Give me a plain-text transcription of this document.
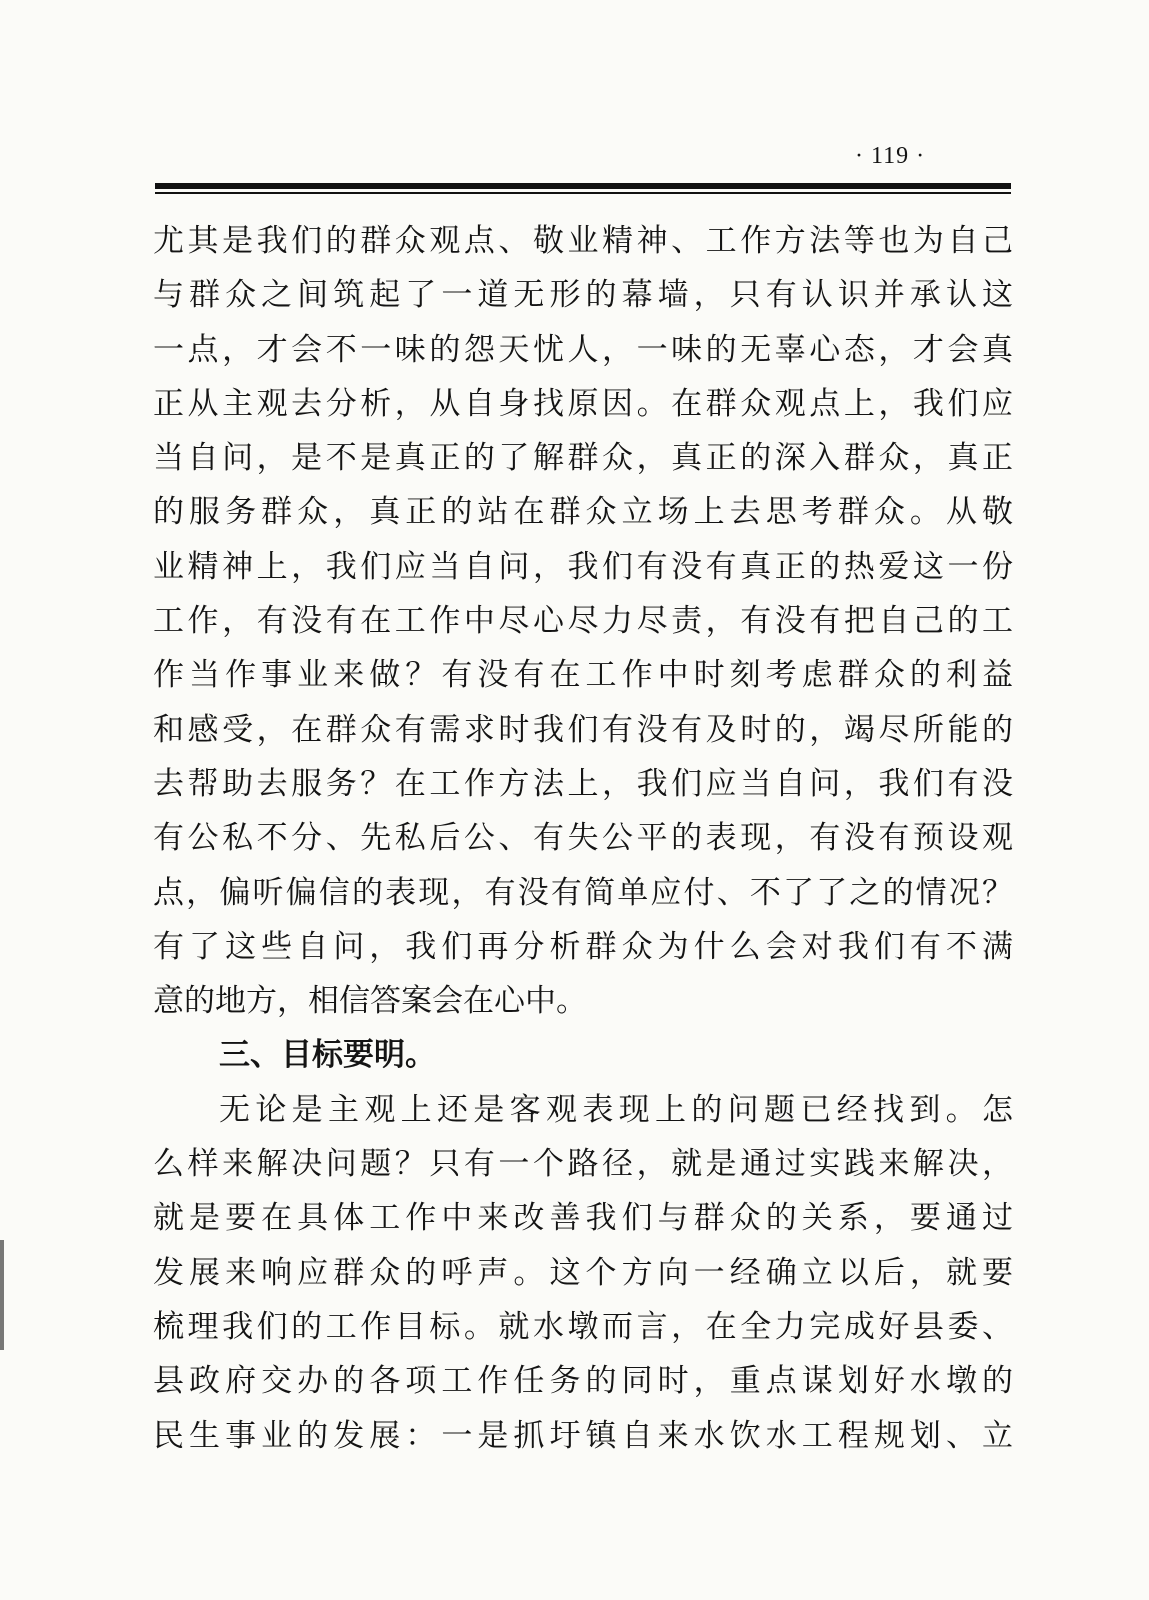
· 119 ·
尤其是我们的群众观点、敬业精神、工作方法等也为自己
与群众之间筑起了一道无形的幕墙，只有认识并承认这
一点，才会不一味的怨天忧人，一味的无辜心态，才会真
正从主观去分析，从自身找原因。在群众观点上，我们应
当自问，是不是真正的了解群众，真正的深入群众，真正
的服务群众，真正的站在群众立场上去思考群众。从敬
业精神上，我们应当自问，我们有没有真正的热爱这一份
工作，有没有在工作中尽心尽力尽责，有没有把自己的工
作当作事业来做？有没有在工作中时刻考虑群众的利益
和感受，在群众有需求时我们有没有及时的，竭尽所能的
去帮助去服务？在工作方法上，我们应当自问，我们有没
有公私不分、先私后公、有失公平的表现，有没有预设观
点，偏听偏信的表现，有没有简单应付、不了了之的情况？
有了这些自问，我们再分析群众为什么会对我们有不满
意的地方，相信答案会在心中。
三、目标要明。
无论是主观上还是客观表现上的问题已经找到。怎
么样来解决问题？只有一个路径，就是通过实践来解决，
就是要在具体工作中来改善我们与群众的关系，要通过
发展来响应群众的呼声。这个方向一经确立以后，就要
梳理我们的工作目标。就水墩而言，在全力完成好县委、
县政府交办的各项工作任务的同时，重点谋划好水墩的
民生事业的发展：一是抓圩镇自来水饮水工程规划、立
